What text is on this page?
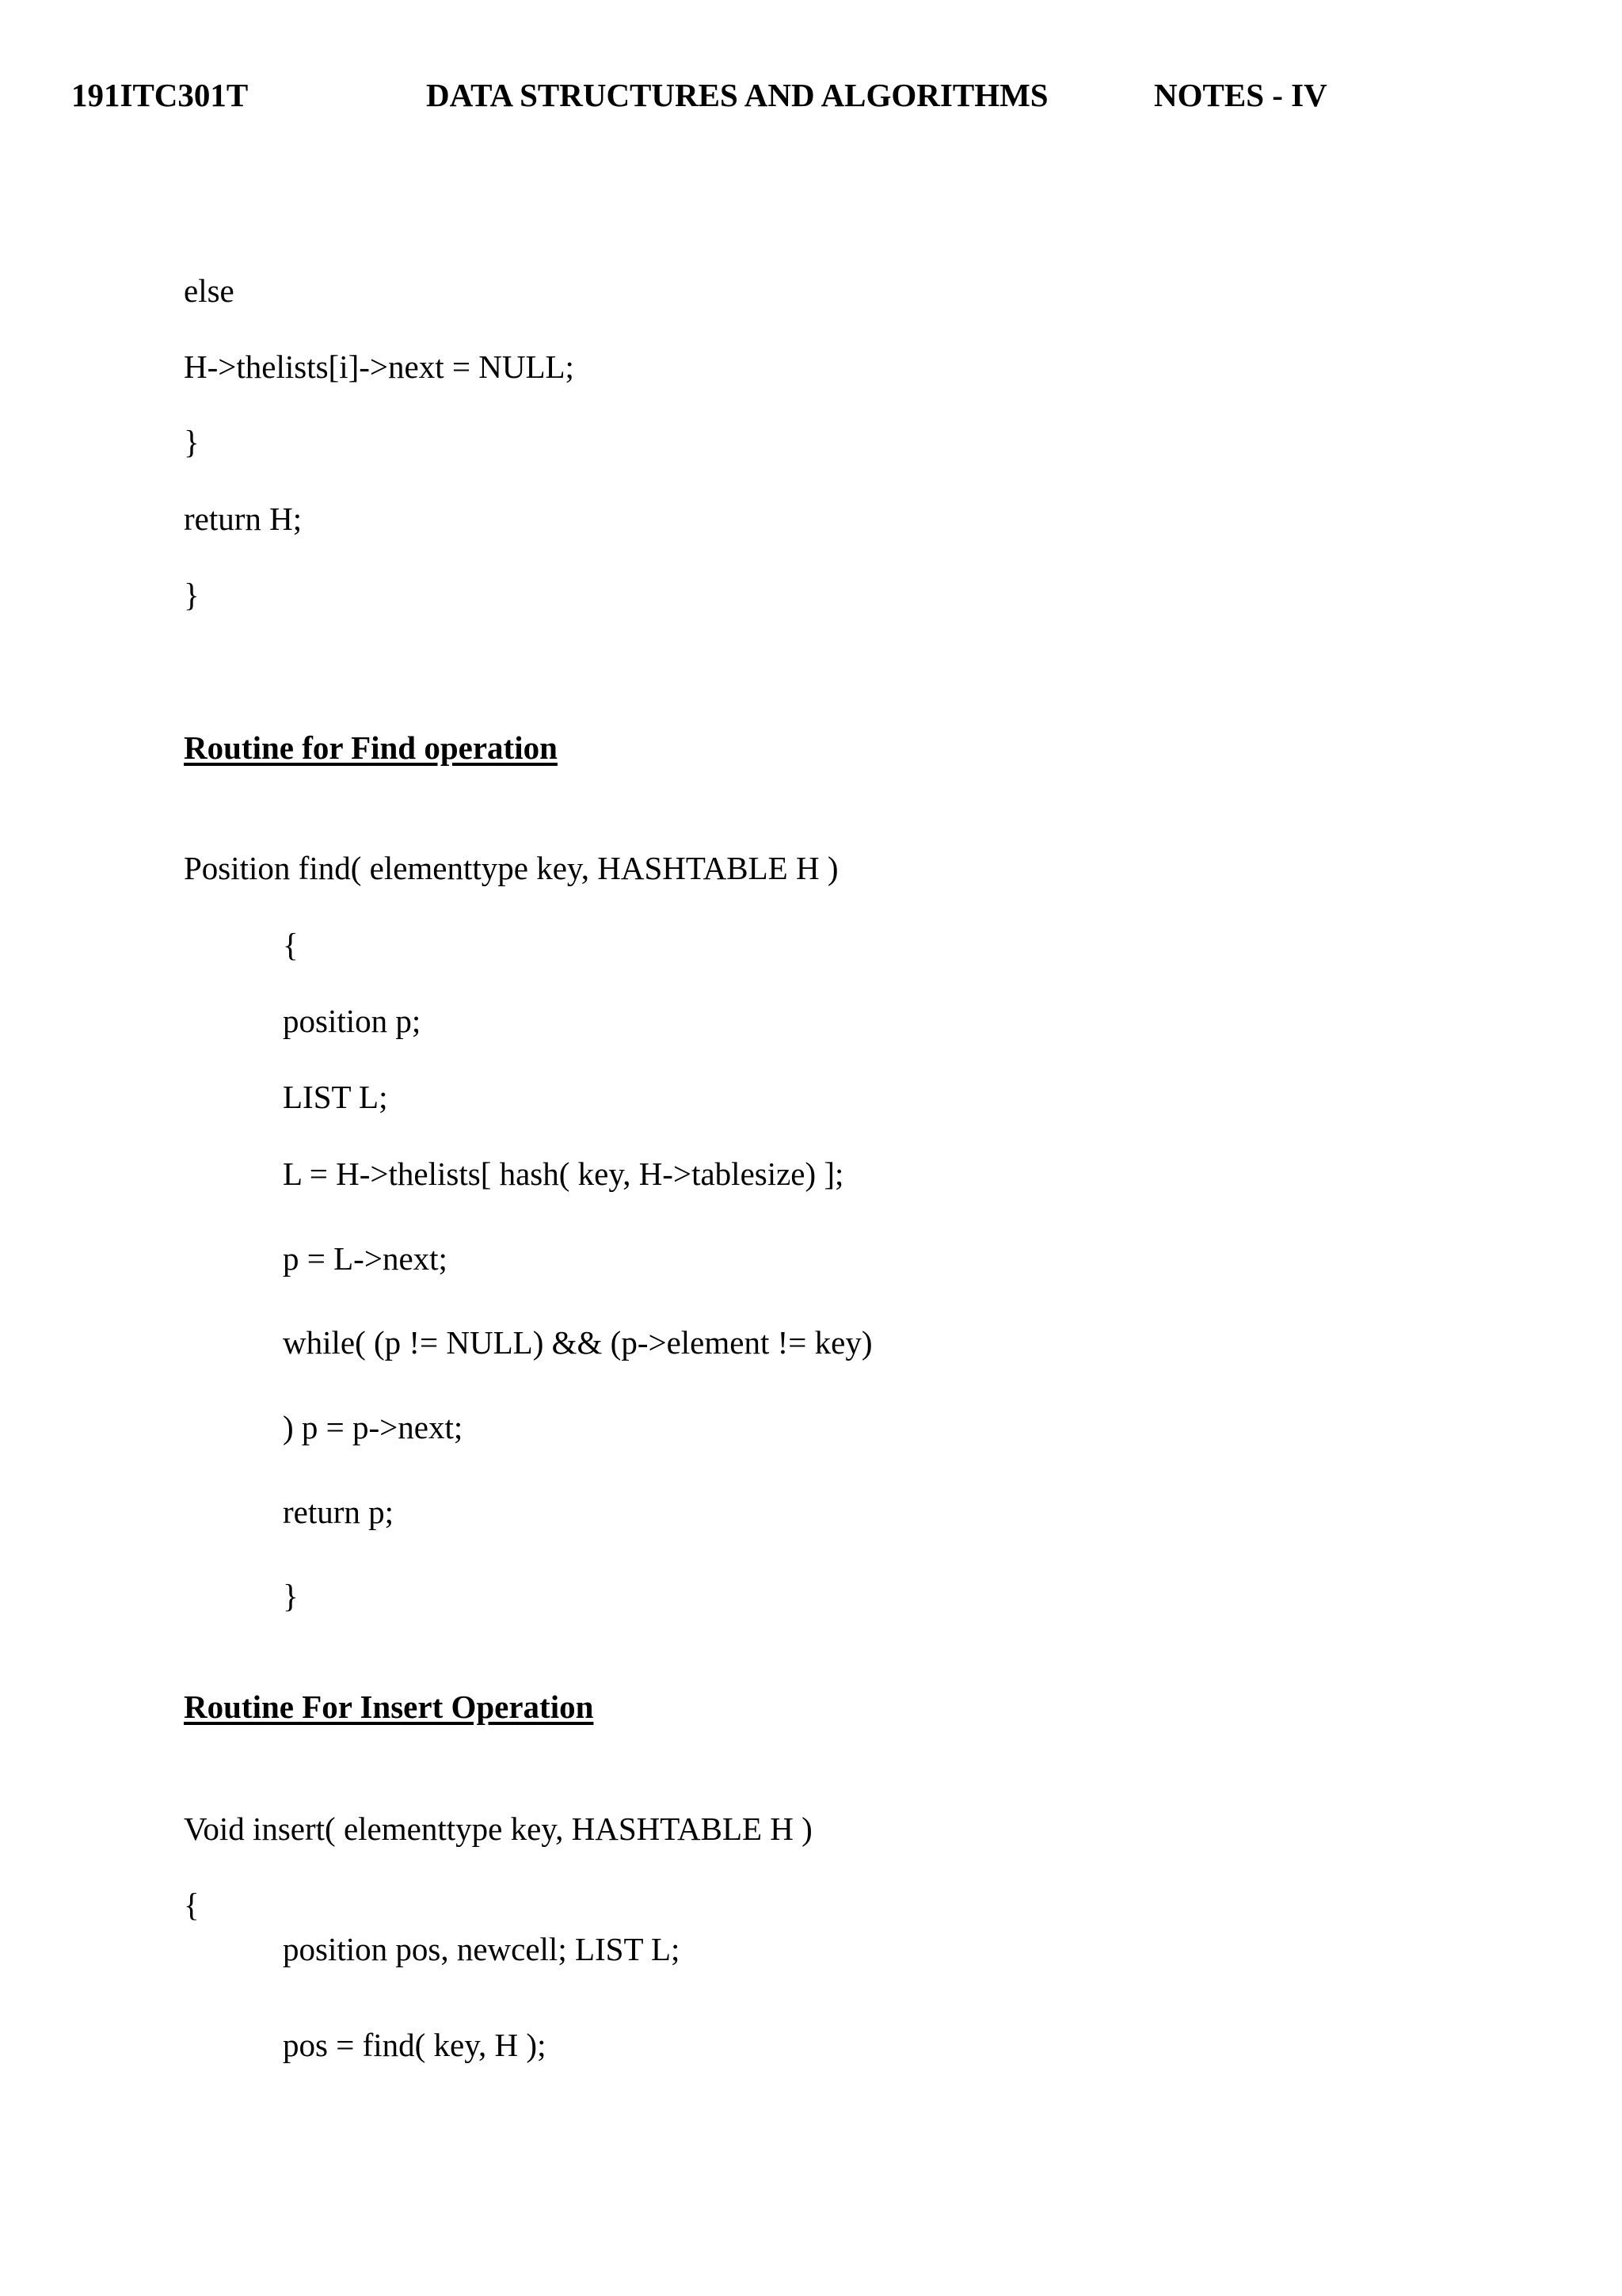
191ITC301T	DATA STRUCTURES AND ALGORITHMS	NOTES - IV
else
H->thelists[i]->next = NULL;
}
return H;
}
Routine for Find operation
Position find( elementtype key, HASHTABLE H )
{
position p;
LIST L;
L = H->thelists[ hash( key, H->tablesize) ];
p = L->next;
while( (p != NULL) && (p->element != key)
) p = p->next;
return p;
}
Routine For Insert Operation
Void insert( elementtype key, HASHTABLE H )
{
position pos, newcell; LIST L;
pos = find( key, H );
